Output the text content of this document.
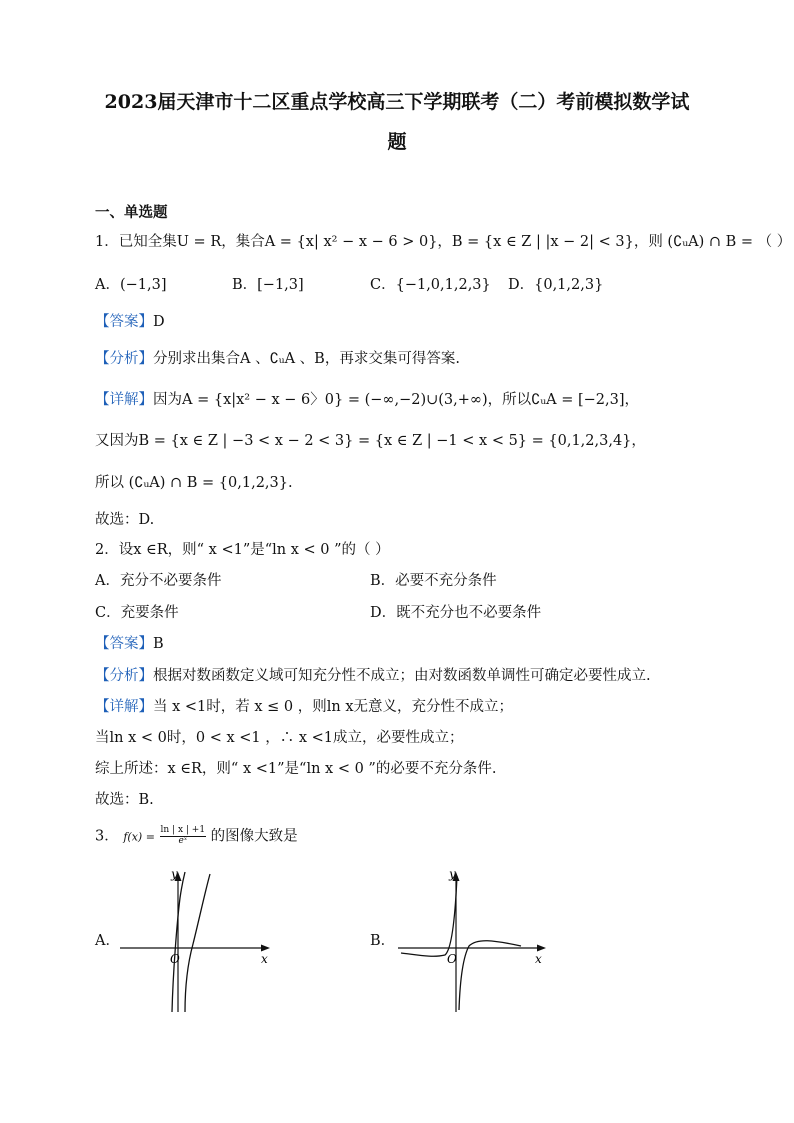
2023届天津市十二区重点学校高三下学期联考（二）考前模拟数学试
题
一、单选题
1．已知全集U = R，集合A = {x| x² − x − 6 > 0}，B = {x ∈ Z | |x − 2| < 3}，则 (∁ᵤA) ∩ B = （ ）
A．(−1,3]	B．[−1,3]	C．{−1,0,1,2,3} D．{0,1,2,3}
【答案】D
【分析】分别求出集合A 、∁ᵤA 、B，再求交集可得答案.
【详解】因为A = {x|x² − x − 6〉0} = (−∞,−2)∪(3,+∞)，所以∁ᵤA = [−2,3]，
又因为B = {x ∈ Z | −3 < x − 2 < 3} = {x ∈ Z | −1 < x < 5} = {0,1,2,3,4}，
所以 (∁ᵤA) ∩ B = {0,1,2,3}.
故选：D.
2．设x ∈R，则“ x <1”是“ln x < 0 ”的（ ）
A．充分不必要条件	B．必要不充分条件
C．充要条件	D．既不充分也不必要条件
【答案】B
【分析】根据对数函数定义域可知充分性不成立；由对数函数单调性可确定必要性成立.
【详解】当 x <1时，若 x ≤ 0 ，则ln x无意义，充分性不成立；
当ln x < 0时，0 < x <1 ，∴ x <1成立，必要性成立；
综上所述：x ∈R，则“ x <1”是“ln x < 0 ”的必要不充分条件.
故选：B.
3． $f(x) = \frac{\ln | x | +1}{\text{eˣ}}$ 的图像大致是
A．	B．
y
x
O
y
x
O
